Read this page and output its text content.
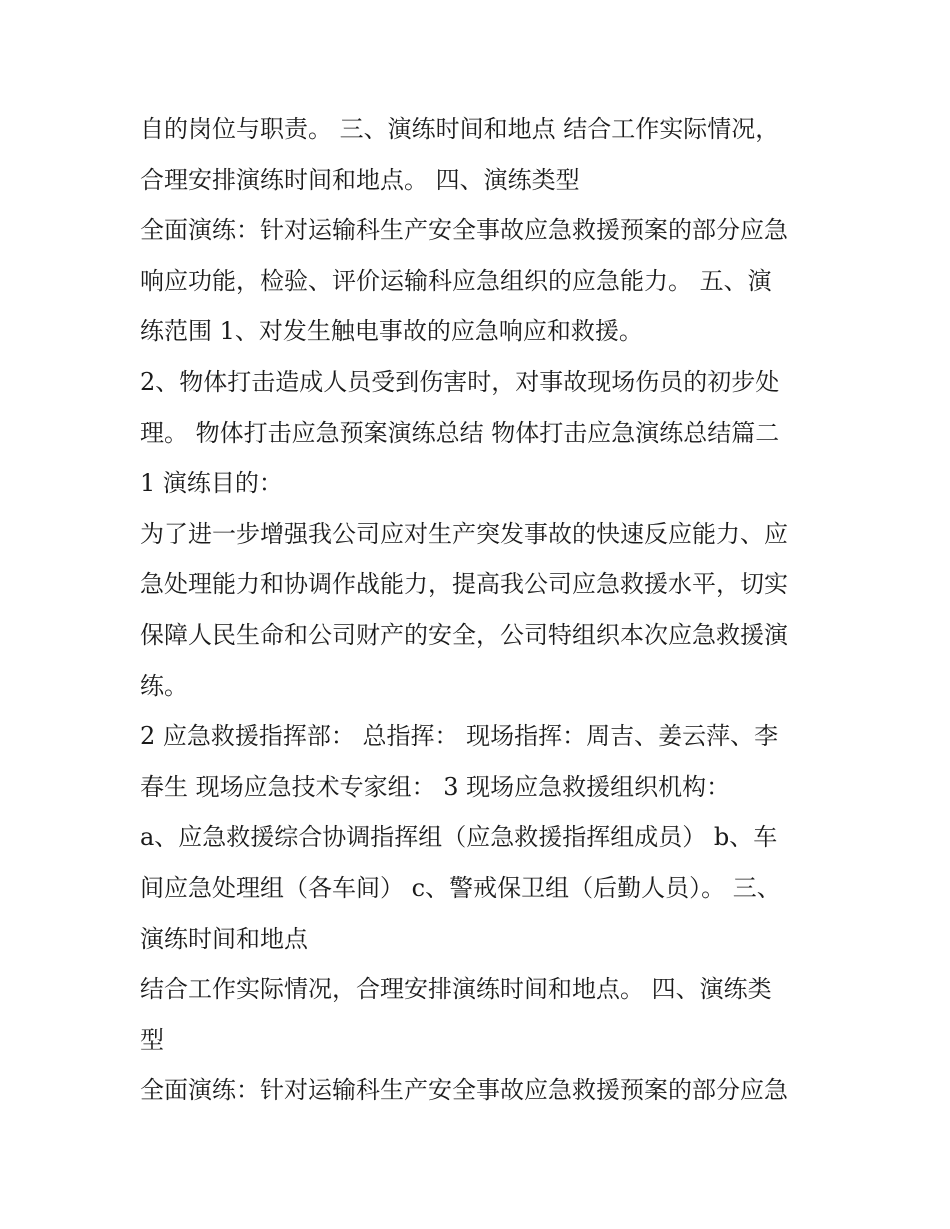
自的岗位与职责。 三、演练时间和地点 结合工作实际情况，
合理安排演练时间和地点。 四、演练类型
全面演练：针对运输科生产安全事故应急救援预案的部分应急
响应功能，检验、评价运输科应急组织的应急能力。 五、演
练范围 1、对发生触电事故的应急响应和救援。
2、物体打击造成人员受到伤害时，对事故现场伤员的初步处
理。 物体打击应急预案演练总结 物体打击应急演练总结篇二
1 演练目的：
为了进一步增强我公司应对生产突发事故的快速反应能力、应
急处理能力和协调作战能力，提高我公司应急救援水平，切实
保障人民生命和公司财产的安全，公司特组织本次应急救援演
练。
2 应急救援指挥部： 总指挥： 现场指挥：周吉、姜云萍、李
春生 现场应急技术专家组： 3 现场应急救援组织机构：
a、应急救援综合协调指挥组（应急救援指挥组成员） b、车
间应急处理组（各车间） c、警戒保卫组（后勤人员）。 三、
演练时间和地点
结合工作实际情况，合理安排演练时间和地点。 四、演练类
型
全面演练：针对运输科生产安全事故应急救援预案的部分应急
